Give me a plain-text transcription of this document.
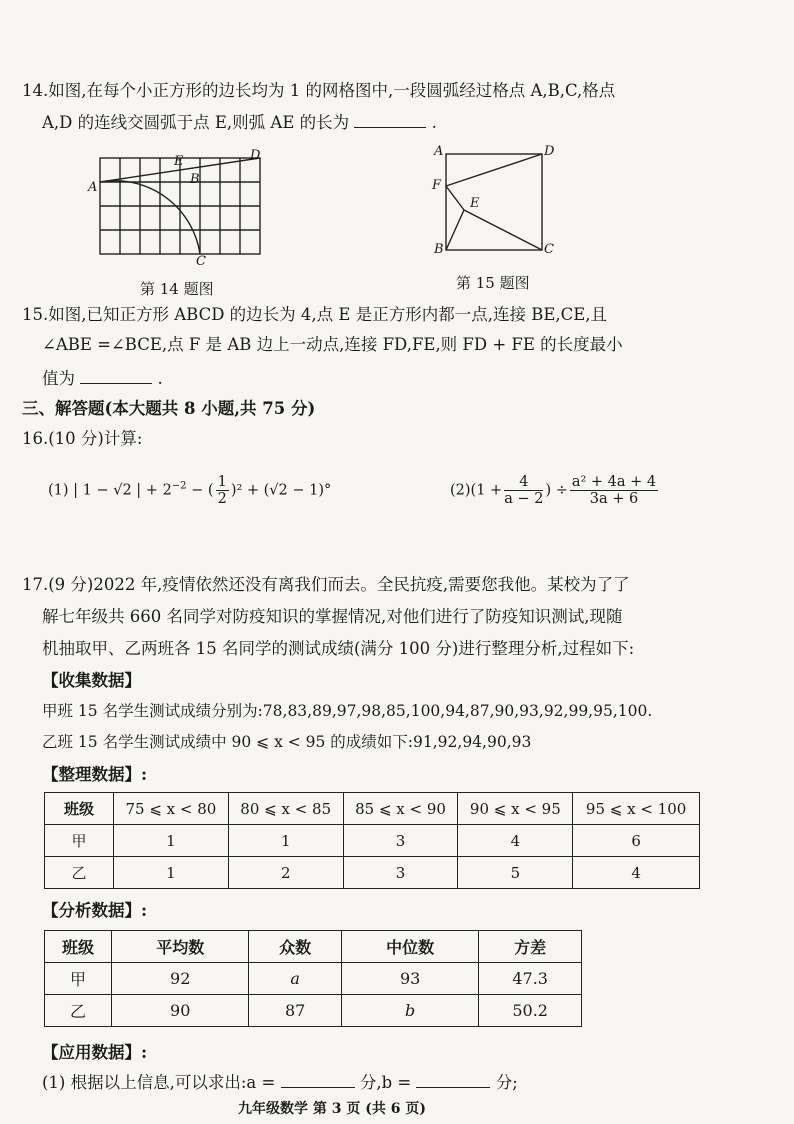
14.如图,在每个小正方形的边长均为 1 的网格图中,一段圆弧经过格点 A,B,C,格点
A,D 的连线交圆弧于点 E,则弧 AE 的长为	.
A
E
B
D
C
第 14 题图
A	D
F
E
B	C
第 15 题图
15.如图,已知正方形 ABCD 的边长为 4,点 E 是正方形内都一点,连接 BE,CE,且
∠ABE =∠BCE,点 F 是 AB 边上一动点,连接 FD,FE,则 FD + FE 的长度最小
值为	.
三、解答题(本大题共 8 小题,共 75 分)
16.(10 分)计算:
(1) | 1 − √2 | + $2^{-2}$ − ( $\frac{1}{2} )^2 + (√2 - 1)^\circ$	$(2)(1 + \frac{4}{a - 2}$ ) ÷ $\frac{\text{a² + 4a + 4}}{3a + 6}$
17.(9 分)2022 年,疫情依然还没有离我们而去。全民抗疫,需要您我他。某校为了了
解七年级共 660 名同学对防疫知识的掌握情况,对他们进行了防疫知识测试,现随
机抽取甲、乙两班各 15 名同学的测试成绩(满分 100 分)进行整理分析,过程如下:
【收集数据】
甲班 15 名学生测试成绩分别为:78,83,89,97,98,85,100,94,87,90,93,92,99,95,100.
乙班 15 名学生测试成绩中 90 ⩽ x < 95 的成绩如下:91,92,94,90,93
【整理数据】:
班级	75 ⩽ x < 80	80 ⩽ x < 85	85 ⩽ x < 90	90 ⩽ x < 95	95 ⩽ x < 100
甲	1	1	3	4	6
乙	1	2	3	5	4
【分析数据】:
班级	平均数	众数	中位数	方差
甲	92	a	93	47.3
乙	90	87	b	50.2
【应用数据】:
(1) 根据以上信息,可以求出:a =	分,b =	分;
九年级数学 第 3 页 (共 6 页)
